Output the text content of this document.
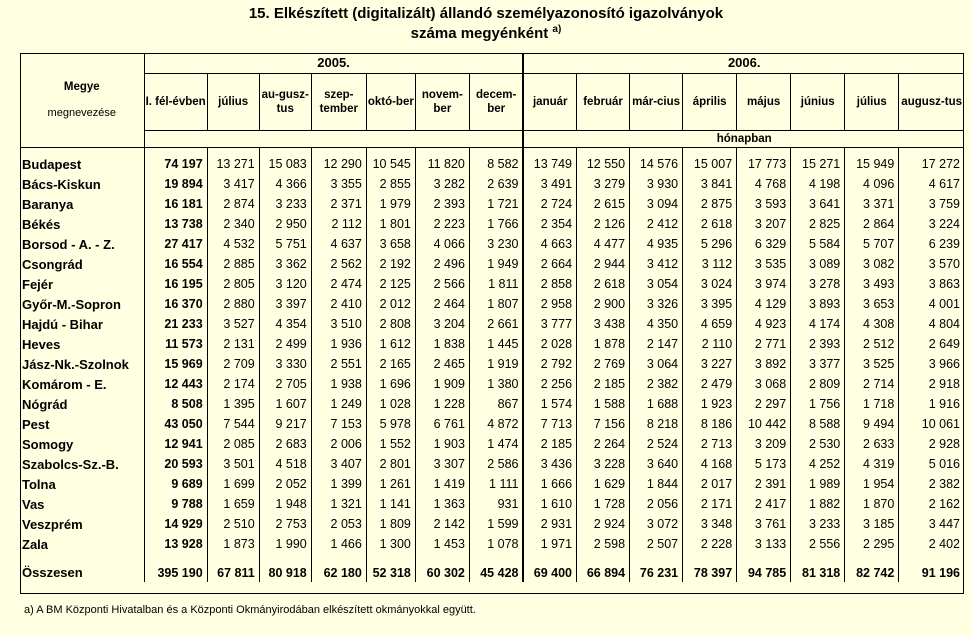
15. Elkészített (digitalizált) állandó személyazonosító igazolványok
száma megyénként $^{a)}$
Megye
megnevezése	2005.							2006.							
	I. fél-évben	július	au-gusz-tus	szep-tember	októ-ber	novem-ber	decem-ber	január	február	már-cius	április	május	június	július	augusz-tus
								hónapban							

Budapest	74 197	13 271	15 083	12 290	10 545	11 820	8 582	13 749	12 550	14 576	15 007	17 773	15 271	15 949	17 272
Bács-Kiskun	19 894	3 417	4 366	3 355	2 855	3 282	2 639	3 491	3 279	3 930	3 841	4 768	4 198	4 096	4 617
Baranya	16 181	2 874	3 233	2 371	1 979	2 393	1 721	2 724	2 615	3 094	2 875	3 593	3 641	3 371	3 759
Békés	13 738	2 340	2 950	2 112	1 801	2 223	1 766	2 354	2 126	2 412	2 618	3 207	2 825	2 864	3 224
Borsod - A. - Z.	27 417	4 532	5 751	4 637	3 658	4 066	3 230	4 663	4 477	4 935	5 296	6 329	5 584	5 707	6 239
Csongrád	16 554	2 885	3 362	2 562	2 192	2 496	1 949	2 664	2 944	3 412	3 112	3 535	3 089	3 082	3 570
Fejér	16 195	2 805	3 120	2 474	2 125	2 566	1 811	2 858	2 618	3 054	3 024	3 974	3 278	3 493	3 863
Győr-M.-Sopron	16 370	2 880	3 397	2 410	2 012	2 464	1 807	2 958	2 900	3 326	3 395	4 129	3 893	3 653	4 001
Hajdú - Bihar	21 233	3 527	4 354	3 510	2 808	3 204	2 661	3 777	3 438	4 350	4 659	4 923	4 174	4 308	4 804
Heves	11 573	2 131	2 499	1 936	1 612	1 838	1 445	2 028	1 878	2 147	2 110	2 771	2 393	2 512	2 649
Jász-Nk.-Szolnok	15 969	2 709	3 330	2 551	2 165	2 465	1 919	2 792	2 769	3 064	3 227	3 892	3 377	3 525	3 966
Komárom - E.	12 443	2 174	2 705	1 938	1 696	1 909	1 380	2 256	2 185	2 382	2 479	3 068	2 809	2 714	2 918
Nógrád	8 508	1 395	1 607	1 249	1 028	1 228	867	1 574	1 588	1 688	1 923	2 297	1 756	1 718	1 916
Pest	43 050	7 544	9 217	7 153	5 978	6 761	4 872	7 713	7 156	8 218	8 186	10 442	8 588	9 494	10 061
Somogy	12 941	2 085	2 683	2 006	1 552	1 903	1 474	2 185	2 264	2 524	2 713	3 209	2 530	2 633	2 928
Szabolcs-Sz.-B.	20 593	3 501	4 518	3 407	2 801	3 307	2 586	3 436	3 228	3 640	4 168	5 173	4 252	4 319	5 016
Tolna	9 689	1 699	2 052	1 399	1 261	1 419	1 111	1 666	1 629	1 844	2 017	2 391	1 989	1 954	2 382
Vas	9 788	1 659	1 948	1 321	1 141	1 363	931	1 610	1 728	2 056	2 171	2 417	1 882	1 870	2 162
Veszprém	14 929	2 510	2 753	2 053	1 809	2 142	1 599	2 931	2 924	3 072	3 348	3 761	3 233	3 185	3 447
Zala	13 928	1 873	1 990	1 466	1 300	1 453	1 078	1 971	2 598	2 507	2 228	3 133	2 556	2 295	2 402
Összesen	395 190	67 811	80 918	62 180	52 318	60 302	45 428	69 400	66 894	76 231	78 397	94 785	81 318	82 742	91 196
a) A BM Központi Hivatalban és a Központi Okmányirodában elkészített okmányokkal együtt.
